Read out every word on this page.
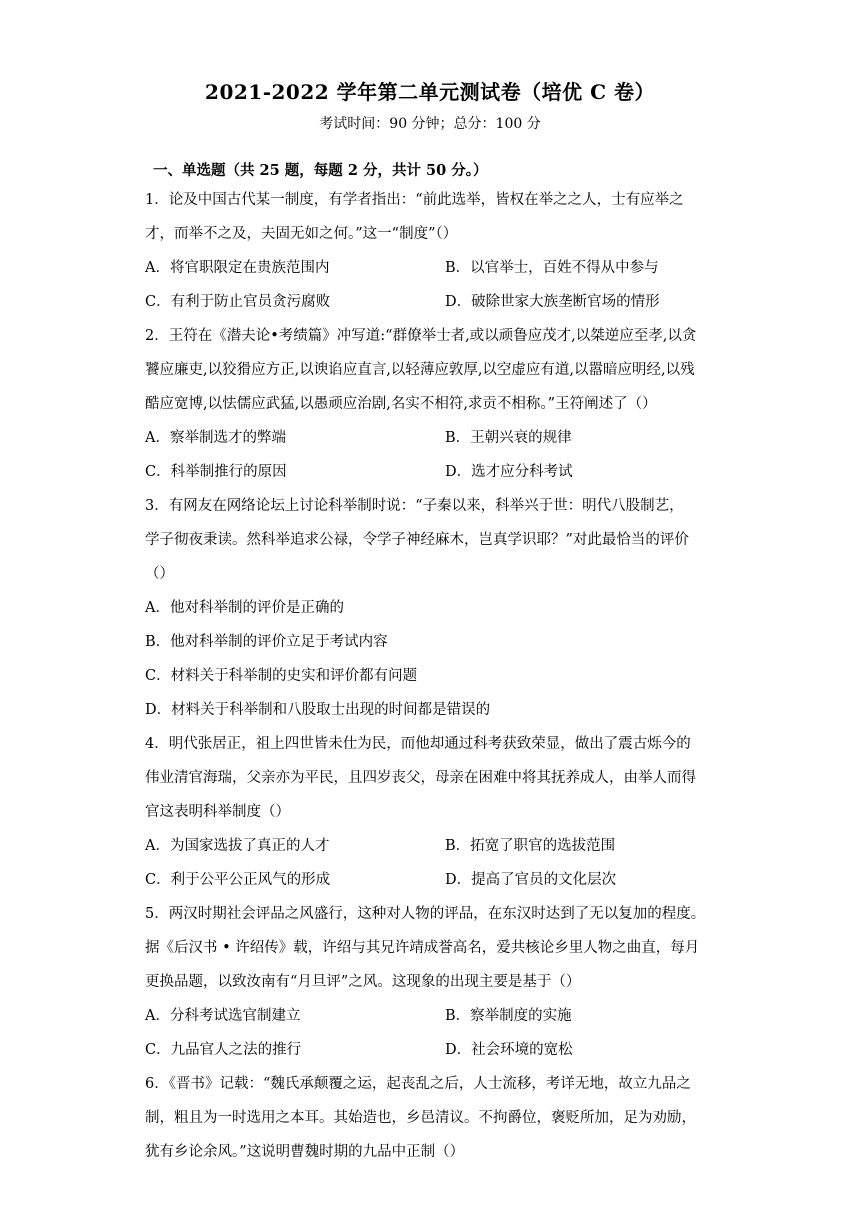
2021-2022 学年第二单元测试卷（培优 C 卷）
考试时间：90 分钟；总分：100 分
一、单选题（共 25 题，每题 2 分，共计 50 分。）
1．论及中国古代某一制度，有学者指出：“前此选举，皆权在举之之人，士有应举之
才，而举不之及，夫固无如之何。”这一“制度”（）
A．将官职限定在贵族范围内	B．以官举士，百姓不得从中参与
C．有利于防止官员贪污腐败	D．破除世家大族垄断官场的情形
2．王符在《潜夫论•考绩篇》冲写道:“群僚举士者,或以顽鲁应茂才,以桀逆应至孝,以贪
饕应廉吏,以狡猾应方正,以谀谄应直言,以轻薄应敦厚,以空虚应有道,以嚣暗应明经,以残
酷应宽博,以怯儒应武猛,以愚顽应治剧,名实不相符,求贡不相称。”王符阐述了（）
A．察举制选才的弊端	B．王朝兴衰的规律
C．科举制推行的原因	D．选才应分科考试
3．有网友在网络论坛上讨论科举制时说：“子秦以来，科举兴于世：明代八股制艺，
学子彻夜秉读。然科举追求公禄，令学子神经麻木，岂真学识耶？”对此最恰当的评价
（）
A．他对科举制的评价是正确的
B．他对科举制的评价立足于考试内容
C．材料关于科举制的史实和评价都有问题
D．材料关于科举制和八股取士出现的时间都是错误的
4．明代张居正，祖上四世皆未仕为民，而他却通过科考获致荣显，做出了震古烁今的
伟业清官海瑞，父亲亦为平民，且四岁丧父，母亲在困难中将其抚养成人，由举人而得
官这表明科举制度（）
A．为国家选拔了真正的人才	B．拓宽了职官的选拔范围
C．利于公平公正风气的形成	D．提高了官员的文化层次
5．两汉时期社会评品之风盛行，这种对人物的评品，在东汉时达到了无以复加的程度。
据《后汉书 • 许绍传》载，许绍与其兄许靖成誉高名，爱共核论乡里人物之曲直，每月
更换品题，以致汝南有“月旦评”之风。这现象的出现主要是基于（）
A．分科考试选官制建立	B．察举制度的实施
C．九品官人之法的推行	D．社会环境的宽松
6．《晋书》记载：“魏氏承颠覆之运，起丧乱之后，人士流移，考详无地，故立九品之
制，粗且为一时选用之本耳。其始造也，乡邑清议。不拘爵位，褒贬所加，足为劝励，
犹有乡论余风。”这说明曹魏时期的九品中正制（）
